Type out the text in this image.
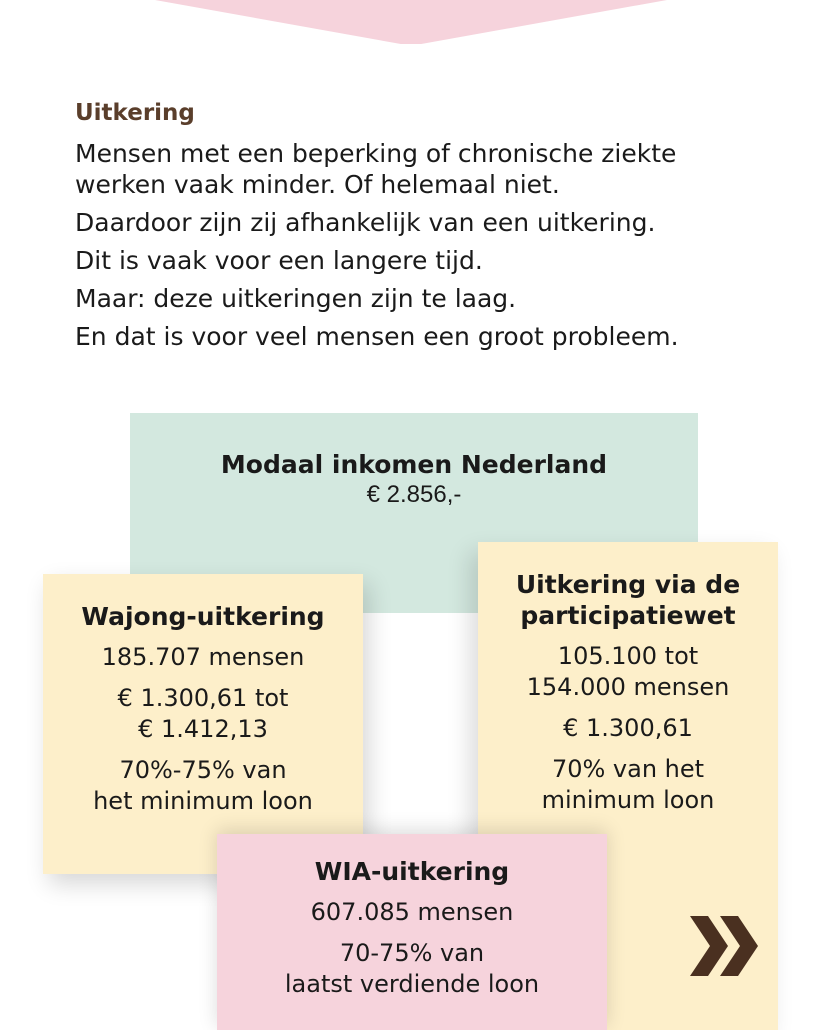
Uitkering

Mensen met een beperking of chronische ziekte werken vaak minder. Of helemaal niet.

Daardoor zijn zij afhankelijk van een uitkering.

Dit is vaak voor een langere tijd.

Maar: deze uitkeringen zijn te laag.

En dat is voor veel mensen een groot probleem.

Modaal inkomen Nederland
€ 2.856,-
Uitkering via de
participatiewet
105.100 tot
154.000 mensen
€ 1.300,61
70% van het
minimum loon
Wajong-uitkering
185.707 mensen
€ 1.300,61 tot
€ 1.412,13
70%-75% van
het minimum loon
WIA-uitkering
607.085 mensen
70-75% van
laatst verdiende loon
